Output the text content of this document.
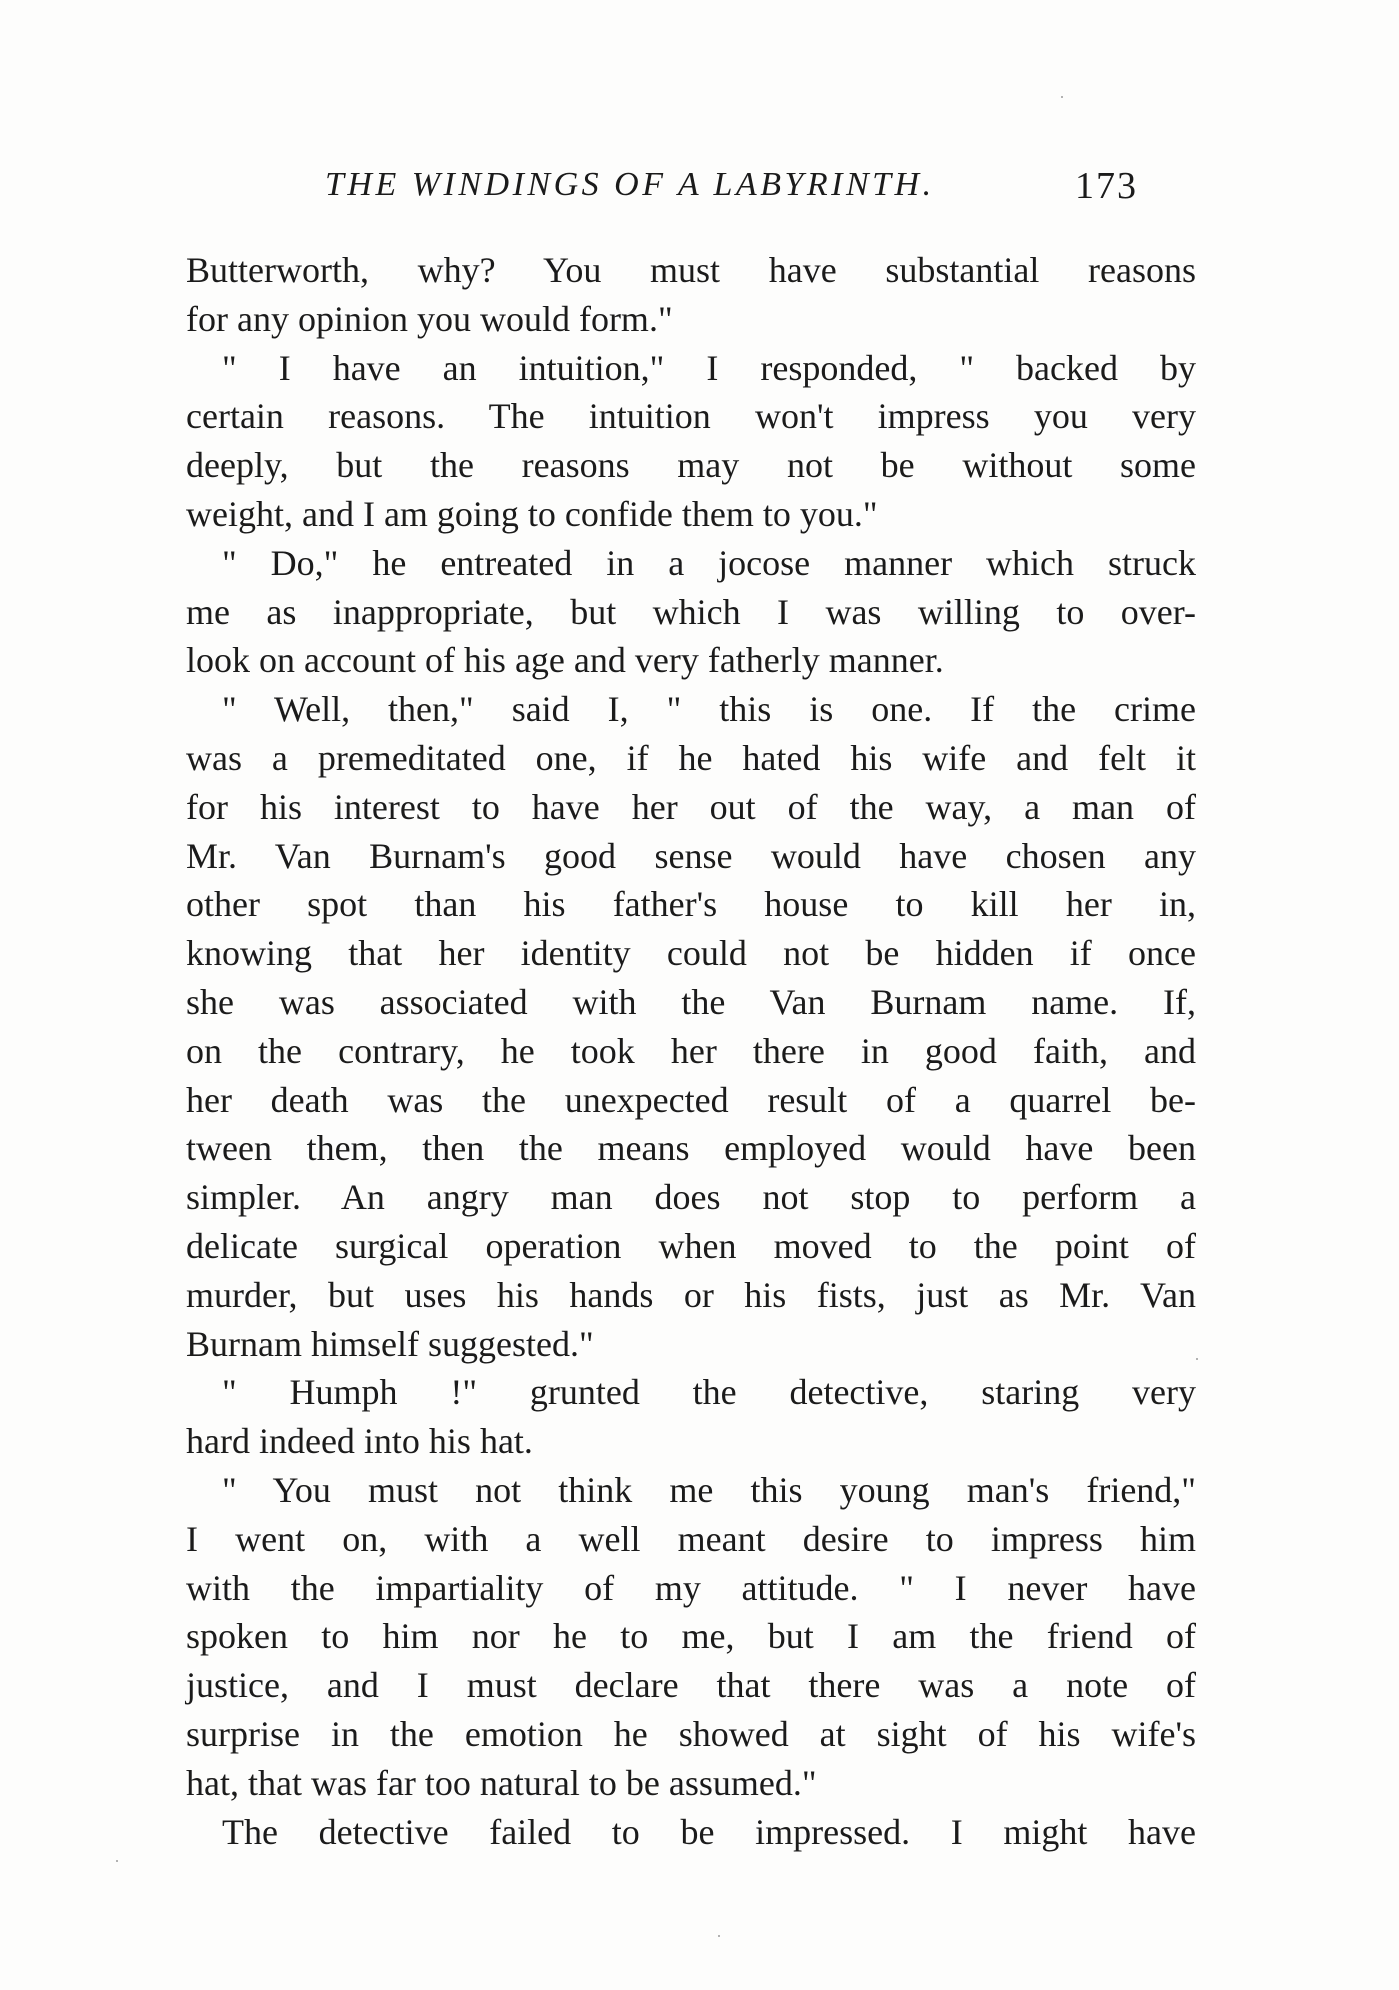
THE WINDINGS OF A LABYRINTH.	173
Butterworth, why? You must have substantial reasons
for any opinion you would form."
" I have an intuition," I responded, " backed by
certain reasons. The intuition won't impress you very
deeply, but the reasons may not be without some
weight, and I am going to confide them to you."
" Do," he entreated in a jocose manner which struck
me as inappropriate, but which I was willing to over-
look on account of his age and very fatherly manner.
" Well, then," said I, " this is one. If the crime
was a premeditated one, if he hated his wife and felt it
for his interest to have her out of the way, a man of
Mr. Van Burnam's good sense would have chosen any
other spot than his father's house to kill her in,
knowing that her identity could not be hidden if once
she was associated with the Van Burnam name. If,
on the contrary, he took her there in good faith, and
her death was the unexpected result of a quarrel be-
tween them, then the means employed would have been
simpler. An angry man does not stop to perform a
delicate surgical operation when moved to the point of
murder, but uses his hands or his fists, just as Mr. Van
Burnam himself suggested."
" Humph !" grunted the detective, staring very
hard indeed into his hat.
" You must not think me this young man's friend,"
I went on, with a well meant desire to impress him
with the impartiality of my attitude. " I never have
spoken to him nor he to me, but I am the friend of
justice, and I must declare that there was a note of
surprise in the emotion he showed at sight of his wife's
hat, that was far too natural to be assumed."
The detective failed to be impressed. I might have
